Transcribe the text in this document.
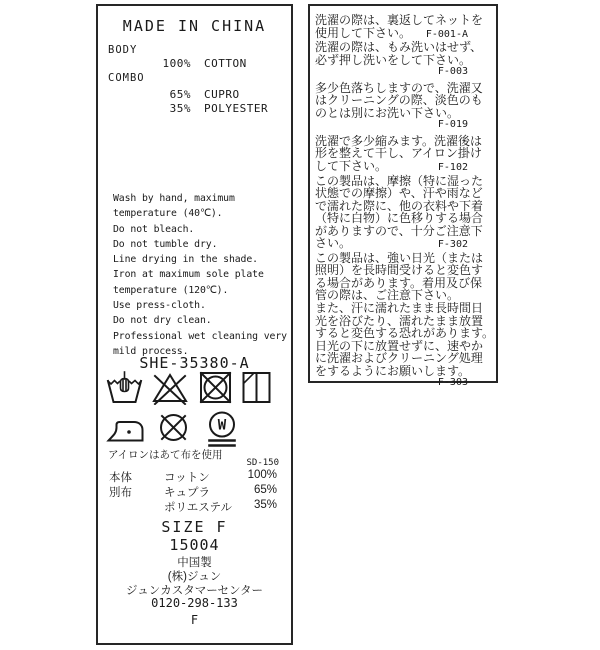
MADE IN CHINA
BODY
100% COTTON
COMBO
65% CUPRO
35% POLYESTER
Wash by hand, maximum
temperature (40℃).
Do not bleach.
Do not tumble dry.
Line drying in the shade.
Iron at maximum sole plate
temperature (120℃).
Use press-cloth.
Do not dry clean.
Professional wet cleaning very
mild process.
SHE-35380-A
W
アイロンはあて布を使用
SD-150
本体	コットン	100%
別布	キュプラ	65%
ポリエステル	35%
SIZE F
15004
中国製
(株)ジュン
ジュンカスタマーセンター
0120-298-133
F
洗濯の際は、裏返してネットを
使用して下さい。 F-001-A
洗濯の際は、もみ洗いはせず、
必ず押し洗いをして下さい。
F-003
多少色落ちしますので、洗濯又
はクリーニングの際、淡色のも
のとは別にお洗い下さい。
F-019
洗濯で多少縮みます。洗濯後は
形を整えて干し、アイロン掛け
して下さい。	F-102
この製品は、摩擦（特に湿った
状態での摩擦）や、汗や雨など
で濡れた際に、他の衣料や下着
（特に白物）に色移りする場合
がありますので、十分ご注意下
さい。	F-302
この製品は、強い日光（または
照明）を長時間受けると変色す
る場合があります。着用及び保
管の際は、ご注意下さい。
また、汗に濡れたまま長時間日
光を浴びたり、濡れたまま放置
すると変色する恐れがあります。
日光の下に放置せずに、速やか
に洗濯およびクリーニング処理
をするようにお願いします。
F-303
